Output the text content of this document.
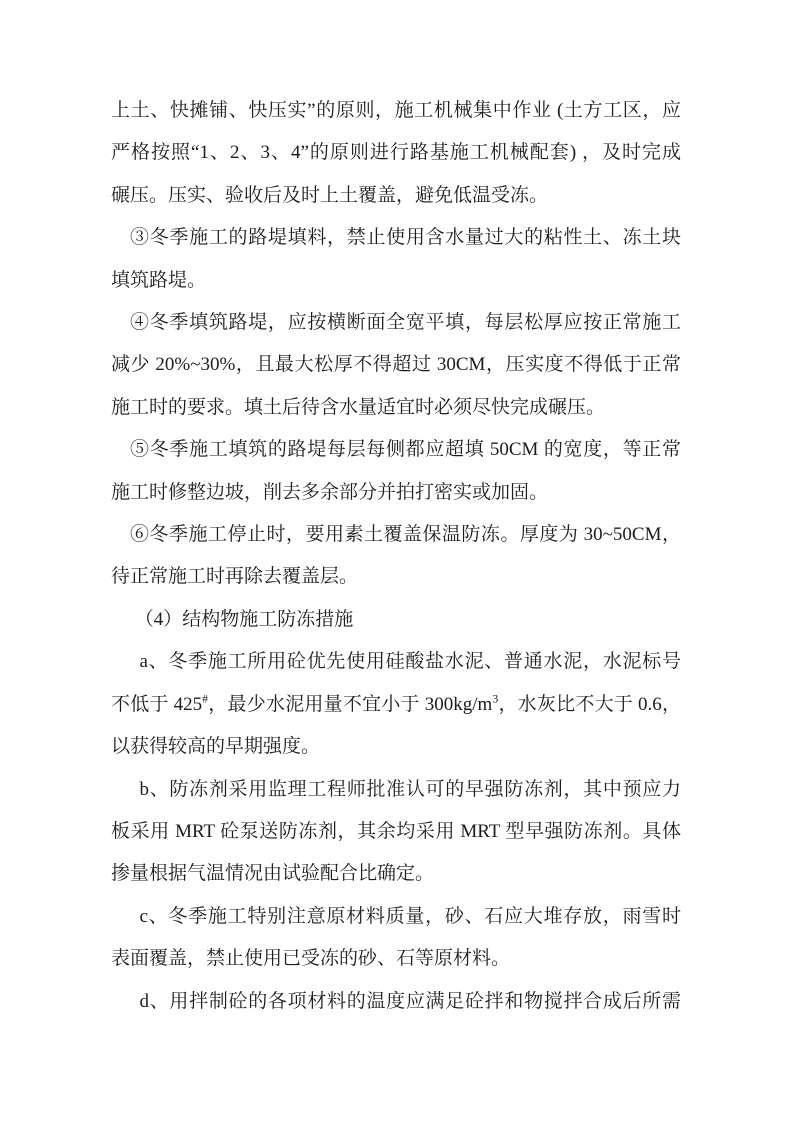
上土、快摊铺、快压实”的原则，施工机械集中作业 (土方工区，应

严格按照“1、2、3、4”的原则进行路基施工机械配套) ，及时完成

碾压。压实、验收后及时上土覆盖，避免低温受冻。

③冬季施工的路堤填料，禁止使用含水量过大的粘性土、冻土块

填筑路堤。

④冬季填筑路堤，应按横断面全宽平填，每层松厚应按正常施工

减少 20%~30%，且最大松厚不得超过 30CM，压实度不得低于正常

施工时的要求。填土后待含水量适宜时必须尽快完成碾压。

⑤冬季施工填筑的路堤每层每侧都应超填 50CM 的宽度，等正常

施工时修整边坡，削去多余部分并拍打密实或加固。

⑥冬季施工停止时，要用素土覆盖保温防冻。厚度为 30~50CM，

待正常施工时再除去覆盖层。

（4）结构物施工防冻措施

a、冬季施工所用砼优先使用硅酸盐水泥、普通水泥，水泥标号

不低于 425#，最少水泥用量不宜小于 $300kg/m^3$，水灰比不大于 0.6，

以获得较高的早期强度。

b、防冻剂采用监理工程师批准认可的早强防冻剂，其中预应力

板采用 MRT 砼泵送防冻剂，其余均采用 MRT 型早强防冻剂。具体

掺量根据气温情况由试验配合比确定。

c、冬季施工特别注意原材料质量，砂、石应大堆存放，雨雪时

表面覆盖，禁止使用已受冻的砂、石等原材料。

d、用拌制砼的各项材料的温度应满足砼拌和物搅拌合成后所需
